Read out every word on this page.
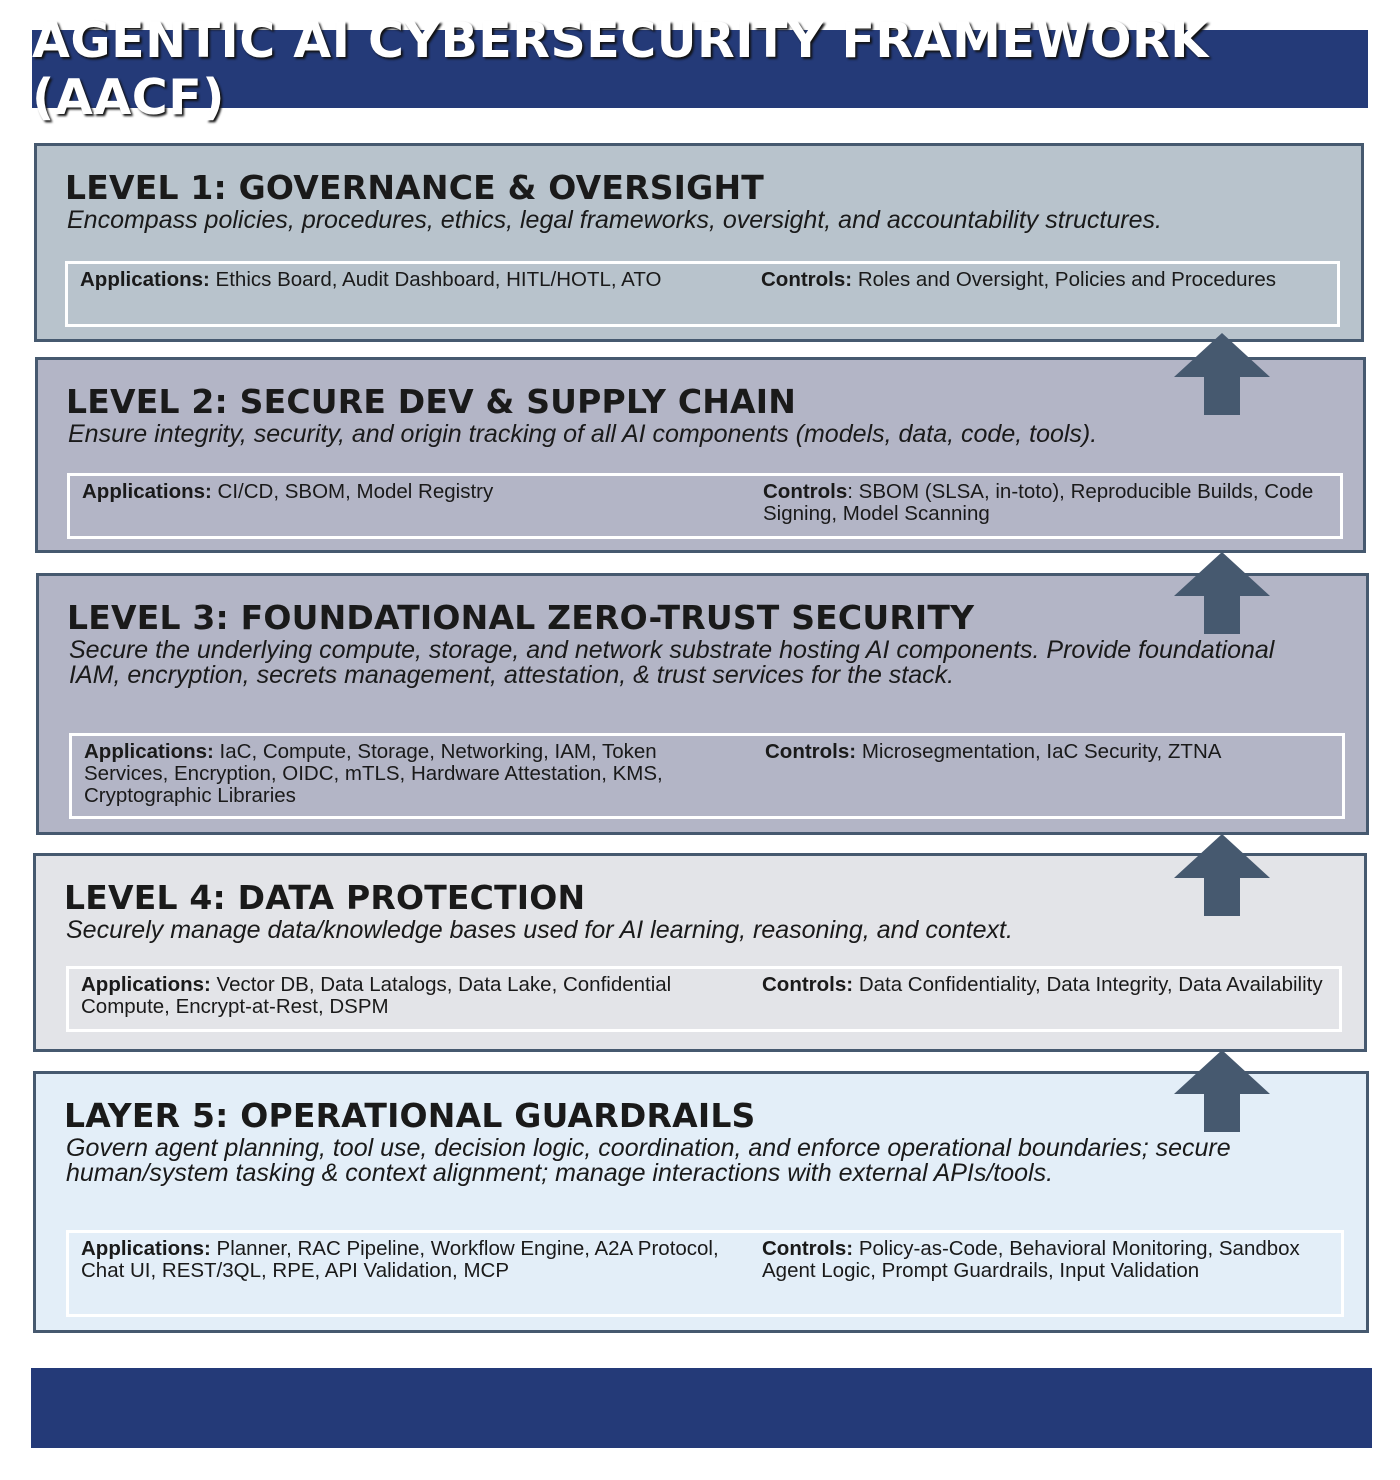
AGENTIC AI CYBERSECURITY FRAMEWORK (AACF)
LEVEL 1: GOVERNANCE & OVERSIGHT

Encompass policies, procedures, ethics, legal frameworks, oversight, and accountability structures.

Applications: Ethics Board, Audit Dashboard, HITL/HOTL, ATO	Controls: Roles and Oversight, Policies and Procedures
LEVEL 2: SECURE DEV & SUPPLY CHAIN

Ensure integrity, security, and origin tracking of all AI components (models, data, code, tools).

Applications: CI/CD, SBOM, Model Registry	Controls: SBOM (SLSA, in-toto), Reproducible Builds, Code Signing, Model Scanning
LEVEL 3: FOUNDATIONAL ZERO-TRUST SECURITY

Secure the underlying compute, storage, and network substrate hosting AI components. Provide foundational IAM, encryption, secrets management, attestation, & trust services for the stack.

Applications: IaC, Compute, Storage, Networking, IAM, Token Services, Encryption, OIDC, mTLS, Hardware Attestation, KMS, Cryptographic Libraries
Controls: Microsegmentation, IaC Security, ZTNA
LEVEL 4: DATA PROTECTION

Securely manage data/knowledge bases used for AI learning, reasoning, and context.

Applications: Vector DB, Data Latalogs, Data Lake, Confidential Compute, Encrypt-at-Rest, DSPM
Controls: Data Confidentiality, Data Integrity, Data Availability
LAYER 5: OPERATIONAL GUARDRAILS

Govern agent planning, tool use, decision logic, coordination, and enforce operational boundaries; secure human/system tasking & context alignment; manage interactions with external APIs/tools.

Applications: Planner, RAC Pipeline, Workflow Engine, A2A Protocol, Chat UI, REST/3QL, RPE, API Validation, MCP
Controls: Policy-as-Code, Behavioral Monitoring, Sandbox Agent Logic, Prompt Guardrails, Input Validation
